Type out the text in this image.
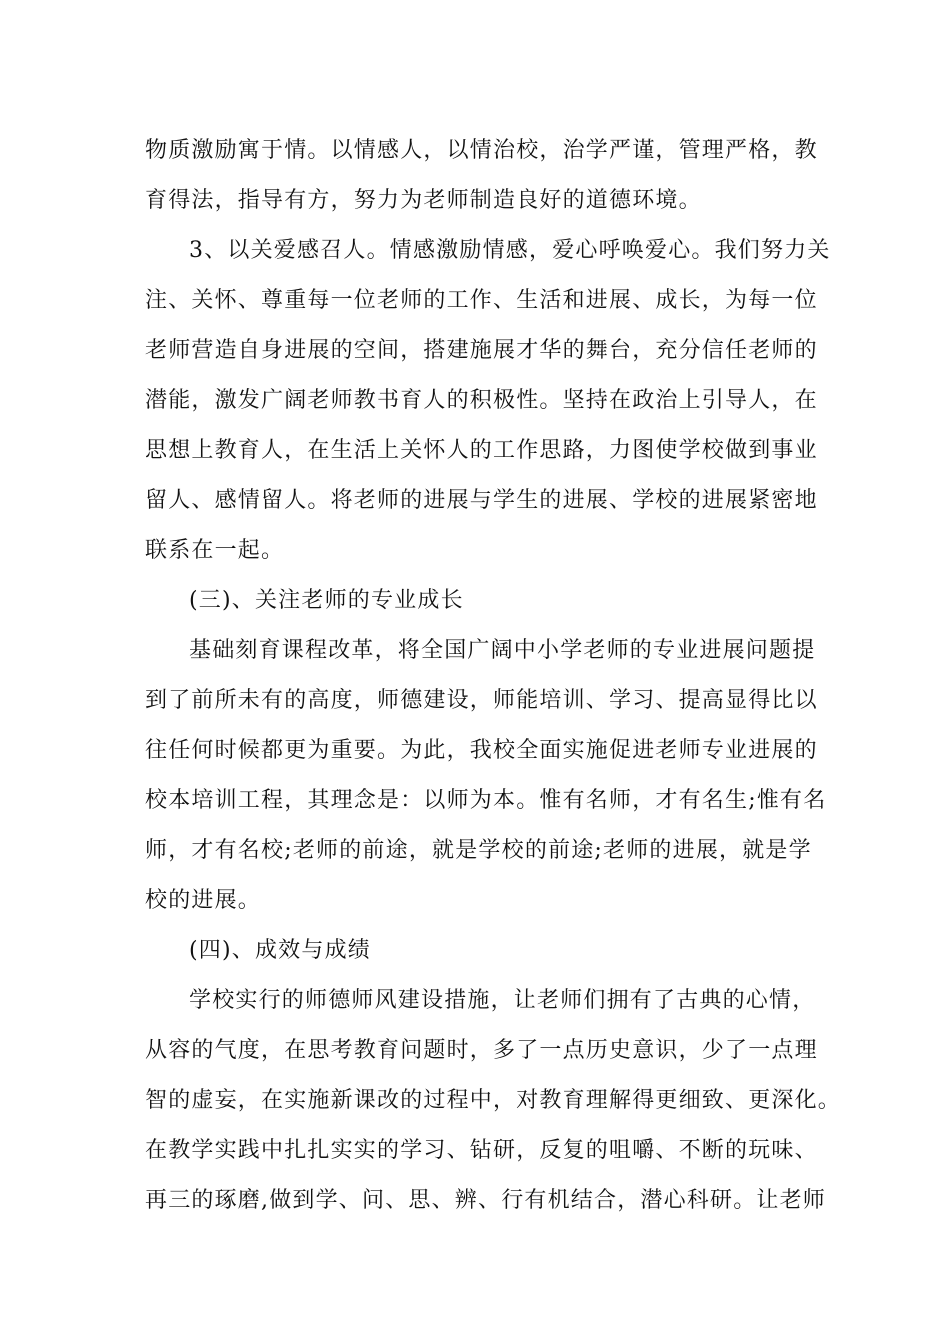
物质激励寓于情。以情感人，以情治校，治学严谨，管理严格，教
育得法，指导有方，努力为老师制造良好的道德环境。
3、以关爱感召人。情感激励情感，爱心呼唤爱心。我们努力关
注、关怀、尊重每一位老师的工作、生活和进展、成长，为每一位
老师营造自身进展的空间，搭建施展才华的舞台，充分信任老师的
潜能，激发广阔老师教书育人的积极性。坚持在政治上引导人，在
思想上教育人，在生活上关怀人的工作思路，力图使学校做到事业
留人、感情留人。将老师的进展与学生的进展、学校的进展紧密地
联系在一起。
(三)、关注老师的专业成长
基础刻育课程改革，将全国广阔中小学老师的专业进展问题提
到了前所未有的高度，师德建设，师能培训、学习、提高显得比以
往任何时候都更为重要。为此，我校全面实施促进老师专业进展的
校本培训工程，其理念是：以师为本。惟有名师，才有名生;惟有名
师，才有名校;老师的前途，就是学校的前途;老师的进展，就是学
校的进展。
(四)、成效与成绩
学校实行的师德师风建设措施，让老师们拥有了古典的心情，
从容的气度，在思考教育问题时，多了一点历史意识，少了一点理
智的虚妄，在实施新课改的过程中，对教育理解得更细致、更深化。
在教学实践中扎扎实实的学习、钻研，反复的咀嚼、不断的玩味、
再三的琢磨,做到学、问、思、辨、行有机结合，潜心科研。让老师
